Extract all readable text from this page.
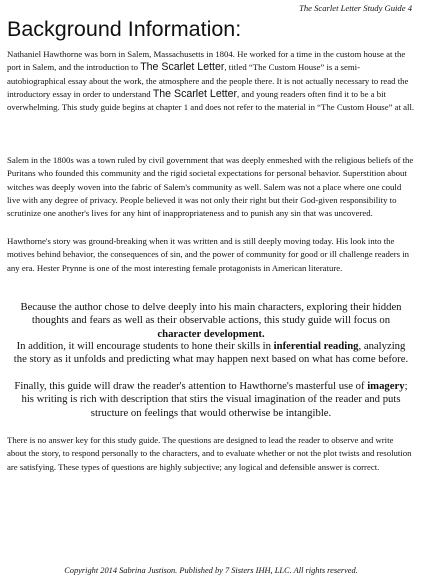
The Scarlet Letter Study Guide 4
Background Information:

Nathaniel Hawthorne was born in Salem, Massachusetts in 1804. He worked for a time in the custom house at the port in Salem, and the introduction to The Scarlet Letter, titled “The Custom House” is a semi-autobiographical essay about the work, the atmosphere and the people there. It is not actually necessary to read the introductory essay in order to understand The Scarlet Letter, and young readers often find it to be a bit overwhelming. This study guide begins at chapter 1 and does not refer to the material in “The Custom House” at all.

Salem in the 1800s was a town ruled by civil government that was deeply enmeshed with the religious beliefs of the Puritans who founded this community and the rigid societal expectations for personal behavior. Superstition about witches was deeply woven into the fabric of Salem's community as well. Salem was not a place where one could live with any degree of privacy. People believed it was not only their right but their God-given responsibility to scrutinize one another's lives for any hint of inappropriateness and to punish any sin that was uncovered.

Hawthorne's story was ground-breaking when it was written and is still deeply moving today. His look into the motives behind behavior, the consequences of sin, and the power of community for good or ill challenge readers in any era. Hester Prynne is one of the most interesting female protagonists in American literature.

Because the author chose to delve deeply into his main characters, exploring their hidden thoughts and fears as well as their observable actions, this study guide will focus on character development.

In addition, it will encourage students to hone their skills in inferential reading, analyzing the story as it unfolds and predicting what may happen next based on what has come before.

Finally, this guide will draw the reader's attention to Hawthorne's masterful use of imagery; his writing is rich with description that stirs the visual imagination of the reader and puts structure on feelings that would otherwise be intangible.

There is no answer key for this study guide. The questions are designed to lead the reader to observe and write about the story, to respond personally to the characters, and to evaluate whether or not the plot twists and resolution are satisfying. These types of questions are highly subjective; any logical and defensible answer is correct.

Copyright 2014 Sabrina Justison. Published by 7 Sisters IHH, LLC. All rights reserved.
